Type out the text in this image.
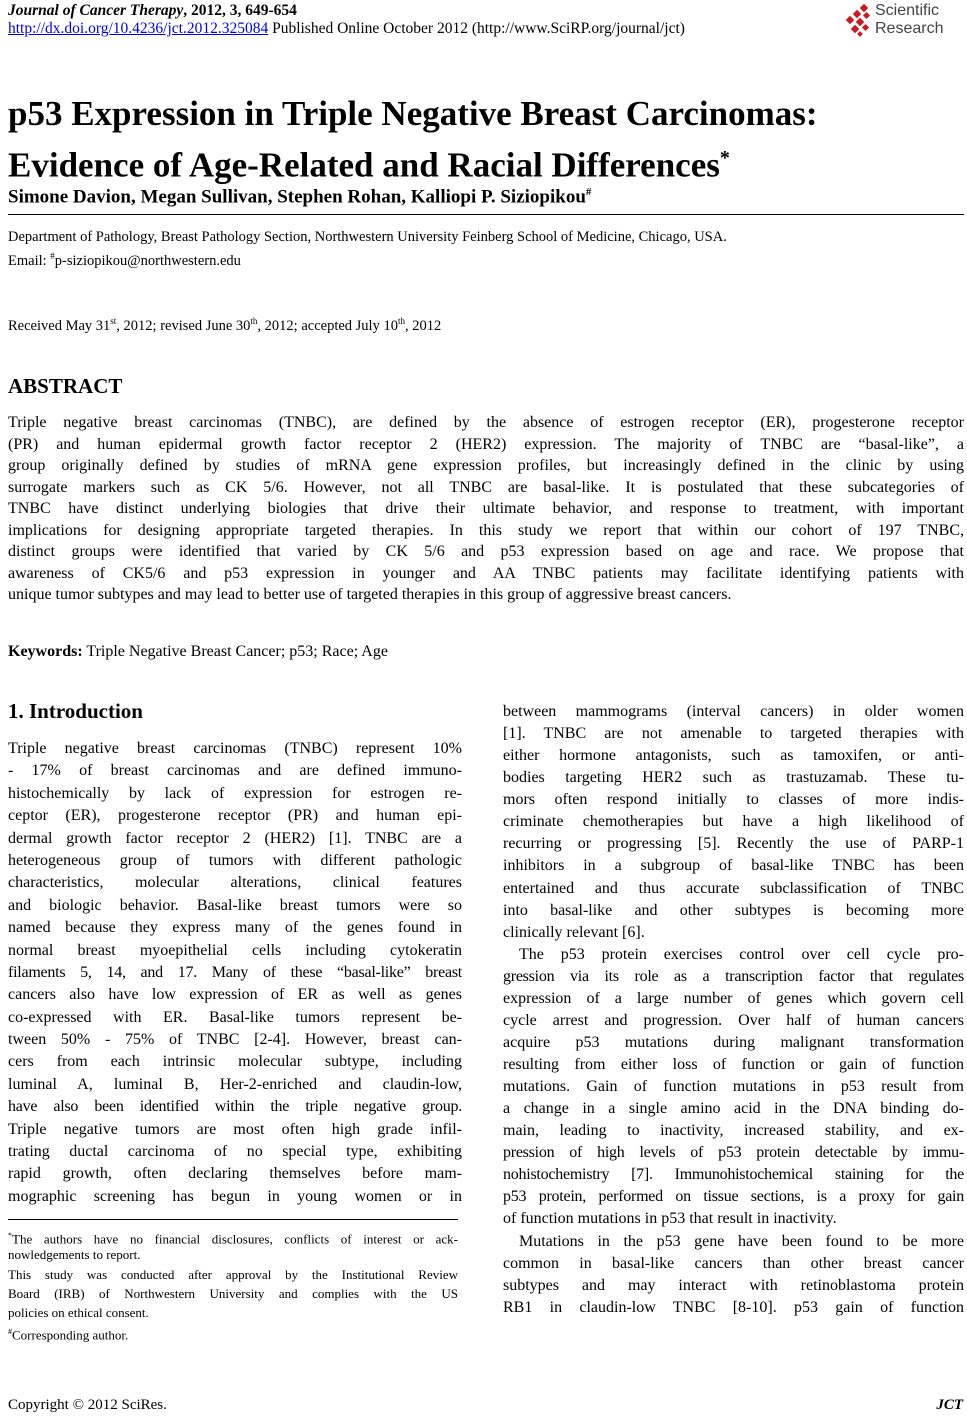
Journal of Cancer Therapy, 2012, 3, 649-654
http://dx.doi.org/10.4236/jct.2012.325084 Published Online October 2012 (http://www.SciRP.org/journal/jct)
Scientific
Research
p53 Expression in Triple Negative Breast Carcinomas:
Evidence of Age-Related and Racial Differences*
Simone Davion, Megan Sullivan, Stephen Rohan, Kalliopi P. Siziopikou#
Department of Pathology, Breast Pathology Section, Northwestern University Feinberg School of Medicine, Chicago, USA.
Email: #p-siziopikou@northwestern.edu
Received May 31st, 2012; revised June 30th, 2012; accepted July 10th, 2012
ABSTRACT
Triple negative breast carcinomas (TNBC), are defined by the absence of estrogen receptor (ER), progesterone receptor
(PR) and human epidermal growth factor receptor 2 (HER2) expression. The majority of TNBC are “basal-like”, a
group originally defined by studies of mRNA gene expression profiles, but increasingly defined in the clinic by using
surrogate markers such as CK 5/6. However, not all TNBC are basal-like. It is postulated that these subcategories of
TNBC have distinct underlying biologies that drive their ultimate behavior, and response to treatment, with important
implications for designing appropriate targeted therapies. In this study we report that within our cohort of 197 TNBC,
distinct groups were identified that varied by CK 5/6 and p53 expression based on age and race. We propose that
awareness of CK5/6 and p53 expression in younger and AA TNBC patients may facilitate identifying patients with
unique tumor subtypes and may lead to better use of targeted therapies in this group of aggressive breast cancers.
Keywords: Triple Negative Breast Cancer; p53; Race; Age
1. Introduction
Triple negative breast carcinomas (TNBC) represent 10%
- 17% of breast carcinomas and are defined immuno-
histochemically by lack of expression for estrogen re-
ceptor (ER), progesterone receptor (PR) and human epi-
dermal growth factor receptor 2 (HER2) [1]. TNBC are a
heterogeneous group of tumors with different pathologic
characteristics, molecular alterations, clinical features
and biologic behavior. Basal-like breast tumors were so
named because they express many of the genes found in
normal breast myoepithelial cells including cytokeratin
filaments 5, 14, and 17. Many of these “basal-like” breast
cancers also have low expression of ER as well as genes
co-expressed with ER. Basal-like tumors represent be-
tween 50% - 75% of TNBC [2-4]. However, breast can-
cers from each intrinsic molecular subtype, including
luminal A, luminal B, Her-2-enriched and claudin-low,
have also been identified within the triple negative group.
Triple negative tumors are most often high grade infil-
trating ductal carcinoma of no special type, exhibiting
rapid growth, often declaring themselves before mam-
mographic screening has begun in young women or in
between mammograms (interval cancers) in older women
[1]. TNBC are not amenable to targeted therapies with
either hormone antagonists, such as tamoxifen, or anti-
bodies targeting HER2 such as trastuzamab. These tu-
mors often respond initially to classes of more indis-
criminate chemotherapies but have a high likelihood of
recurring or progressing [5]. Recently the use of PARP-1
inhibitors in a subgroup of basal-like TNBC has been
entertained and thus accurate subclassification of TNBC
into basal-like and other subtypes is becoming more
clinically relevant [6].
The p53 protein exercises control over cell cycle pro-
gression via its role as a transcription factor that regulates
expression of a large number of genes which govern cell
cycle arrest and progression. Over half of human cancers
acquire p53 mutations during malignant transformation
resulting from either loss of function or gain of function
mutations. Gain of function mutations in p53 result from
a change in a single amino acid in the DNA binding do-
main, leading to inactivity, increased stability, and ex-
pression of high levels of p53 protein detectable by immu-
nohistochemistry [7]. Immunohistochemical staining for the
p53 protein, performed on tissue sections, is a proxy for gain
of function mutations in p53 that result in inactivity.
Mutations in the p53 gene have been found to be more
common in basal-like cancers than other breast cancer
subtypes and may interact with retinoblastoma protein
RB1 in claudin-low TNBC [8-10]. p53 gain of function
*The authors have no financial disclosures, conflicts of interest or ack-
nowledgements to report.
This study was conducted after approval by the Institutional Review
Board (IRB) of Northwestern University and complies with the US
policies on ethical consent.
#Corresponding author.
Copyright © 2012 SciRes.	JCT
